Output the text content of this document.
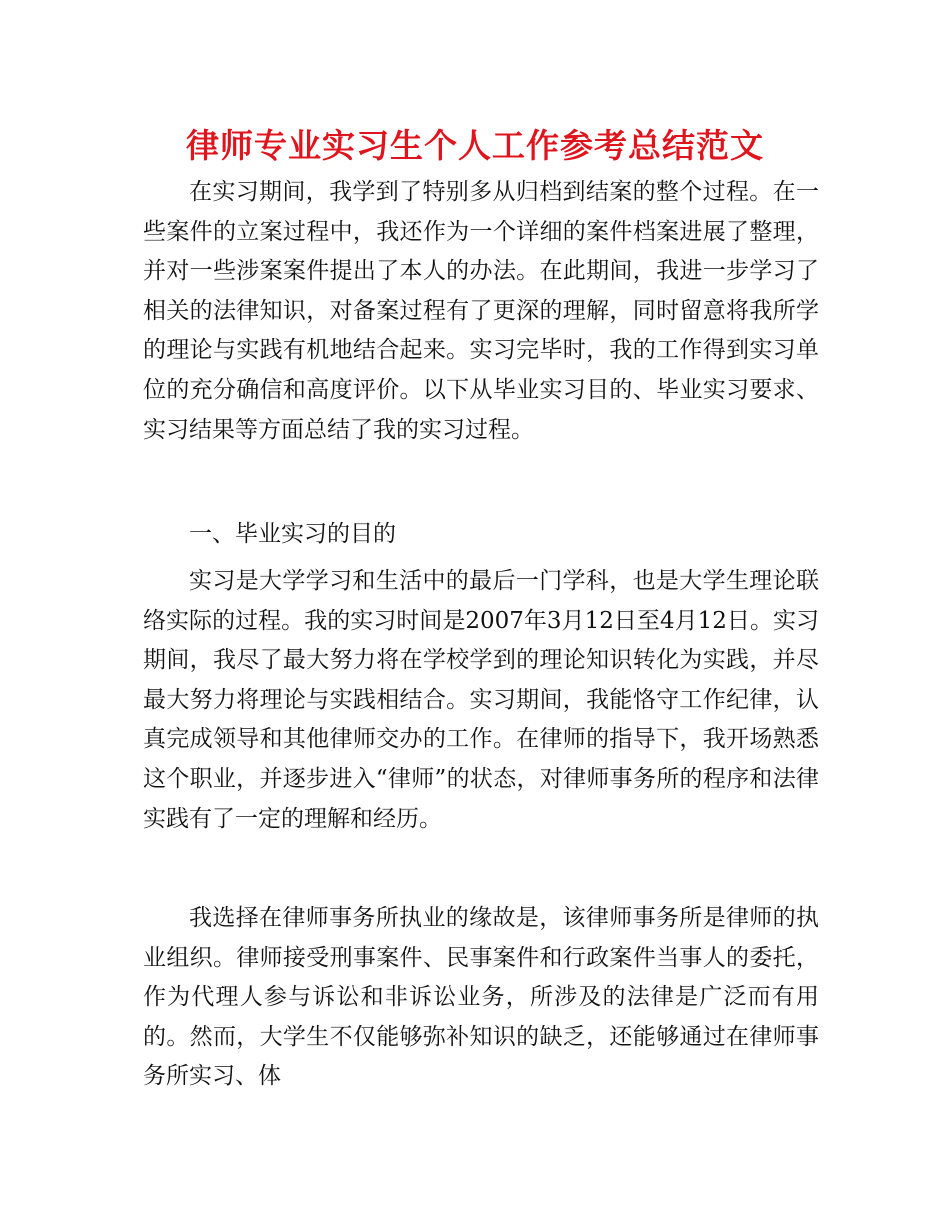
律师专业实习生个人工作参考总结范文

在实习期间，我学到了特别多从归档到结案的整个过程。在一些案件的立案过程中，我还作为一个详细的案件档案进展了整理，并对一些涉案案件提出了本人的办法。在此期间，我进一步学习了相关的法律知识，对备案过程有了更深的理解，同时留意将我所学的理论与实践有机地结合起来。实习完毕时，我的工作得到实习单位的充分确信和高度评价。以下从毕业实习目的、毕业实习要求、实习结果等方面总结了我的实习过程。

一、毕业实习的目的

实习是大学学习和生活中的最后一门学科，也是大学生理论联络实际的过程。我的实习时间是2007年3月12日至4月12日。实习期间，我尽了最大努力将在学校学到的理论知识转化为实践，并尽最大努力将理论与实践相结合。实习期间，我能恪守工作纪律，认真完成领导和其他律师交办的工作。在律师的指导下，我开场熟悉这个职业，并逐步进入“律师”的状态，对律师事务所的程序和法律实践有了一定的理解和经历。

我选择在律师事务所执业的缘故是，该律师事务所是律师的执业组织。律师接受刑事案件、民事案件和行政案件当事人的委托，作为代理人参与诉讼和非诉讼业务，所涉及的法律是广泛而有用的。然而，大学生不仅能够弥补知识的缺乏，还能够通过在律师事务所实习、体
